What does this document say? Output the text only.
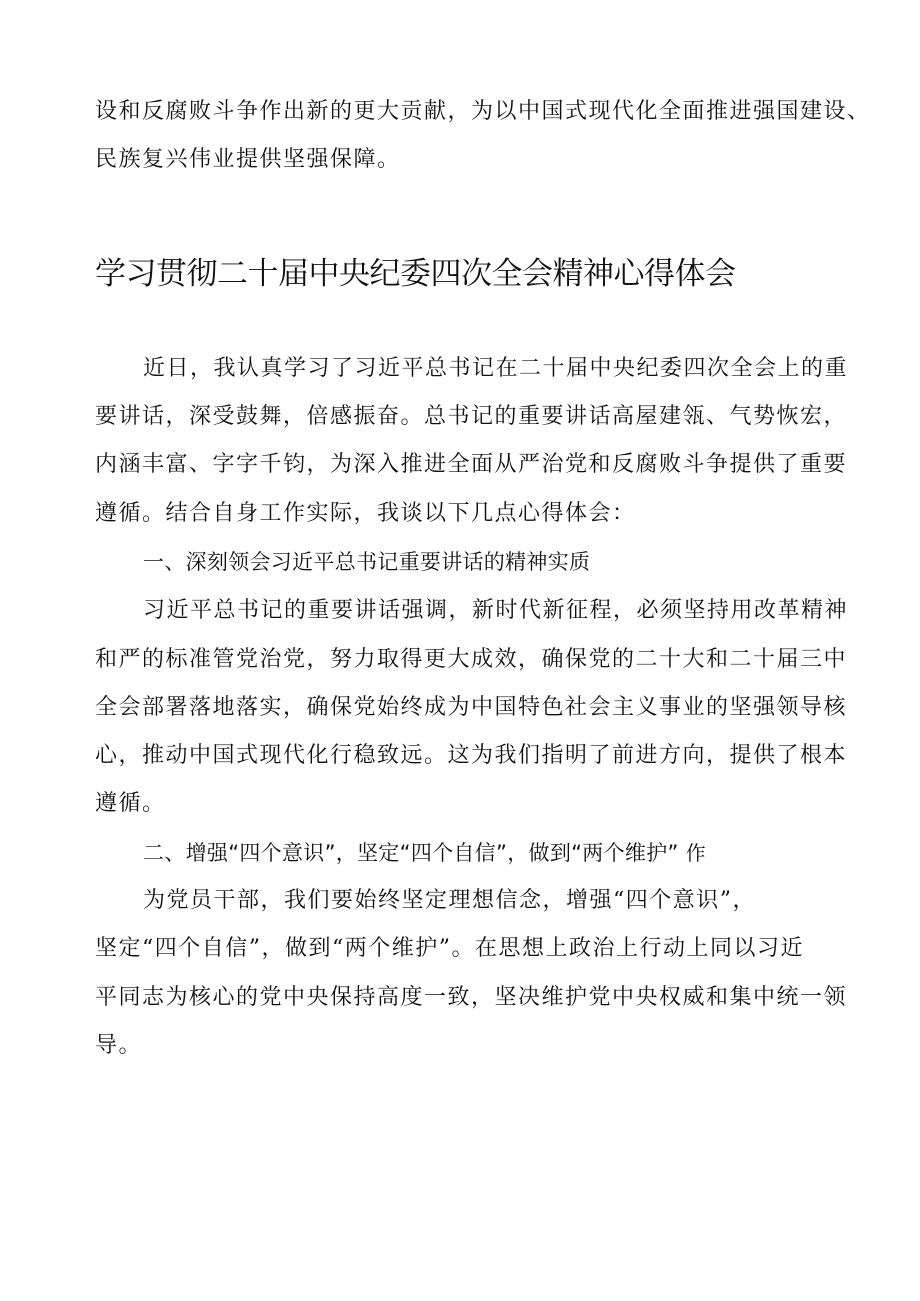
设和反腐败斗争作出新的更大贡献，为以中国式现代化全面推进强国建设、
民族复兴伟业提供坚强保障。
学习贯彻二十届中央纪委四次全会精神心得体会
近日，我认真学习了习近平总书记在二十届中央纪委四次全会上的重
要讲话，深受鼓舞，倍感振奋。总书记的重要讲话高屋建瓴、气势恢宏，
内涵丰富、字字千钧，为深入推进全面从严治党和反腐败斗争提供了重要
遵循。结合自身工作实际，我谈以下几点心得体会：
一、深刻领会习近平总书记重要讲话的精神实质
习近平总书记的重要讲话强调，新时代新征程，必须坚持用改革精神
和严的标准管党治党，努力取得更大成效，确保党的二十大和二十届三中
全会部署落地落实，确保党始终成为中国特色社会主义事业的坚强领导核
心，推动中国式现代化行稳致远。这为我们指明了前进方向，提供了根本
遵循。
二、增强“四个意识”，坚定“四个自信”，做到“两个维护” 作
为党员干部，我们要始终坚定理想信念，增强“四个意识”，
坚定“四个自信”，做到“两个维护”。在思想上政治上行动上同以习近
平同志为核心的党中央保持高度一致，坚决维护党中央权威和集中统一领
导。
